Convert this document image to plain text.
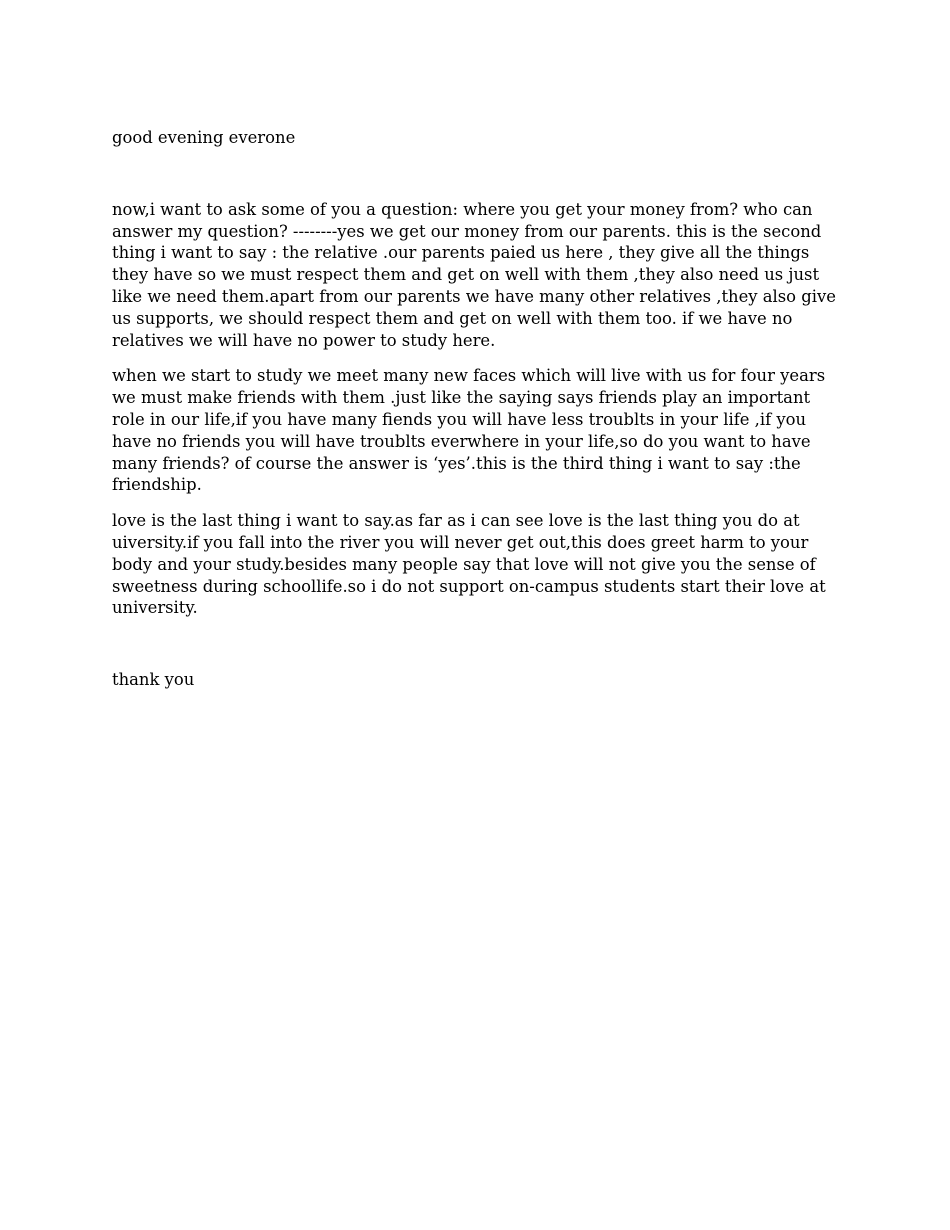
good evening everone

now,i want to ask some of you a question: where you get your money from? who can answer my question? --------yes we get our money from our parents. this is the second thing i want to say : the relative .our parents paied us here , they give all the things they have so we must respect them and get on well with them ,they also need us just like we need them.apart from our parents we have many other relatives ,they also give us supports, we should respect them and get on well with them too. if we have no relatives we will have no power to study here.

when we start to study we meet many new faces which will live with us for four years we must make friends with them .just like the saying says friends play an important role in our life,if you have many fiends you will have less troublts in your life ,if you have no friends you will have troublts everwhere in your life,so do you want to have many friends? of course the answer is ‘yes’.this is the third thing i want to say :the friendship.

love is the last thing i want to say.as far as i can see love is the last thing you do at uiversity.if you fall into the river you will never get out,this does greet harm to your body and your study.besides many people say that love will not give you the sense of sweetness during schoollife.so i do not support on-campus students start their love at university.

thank you
